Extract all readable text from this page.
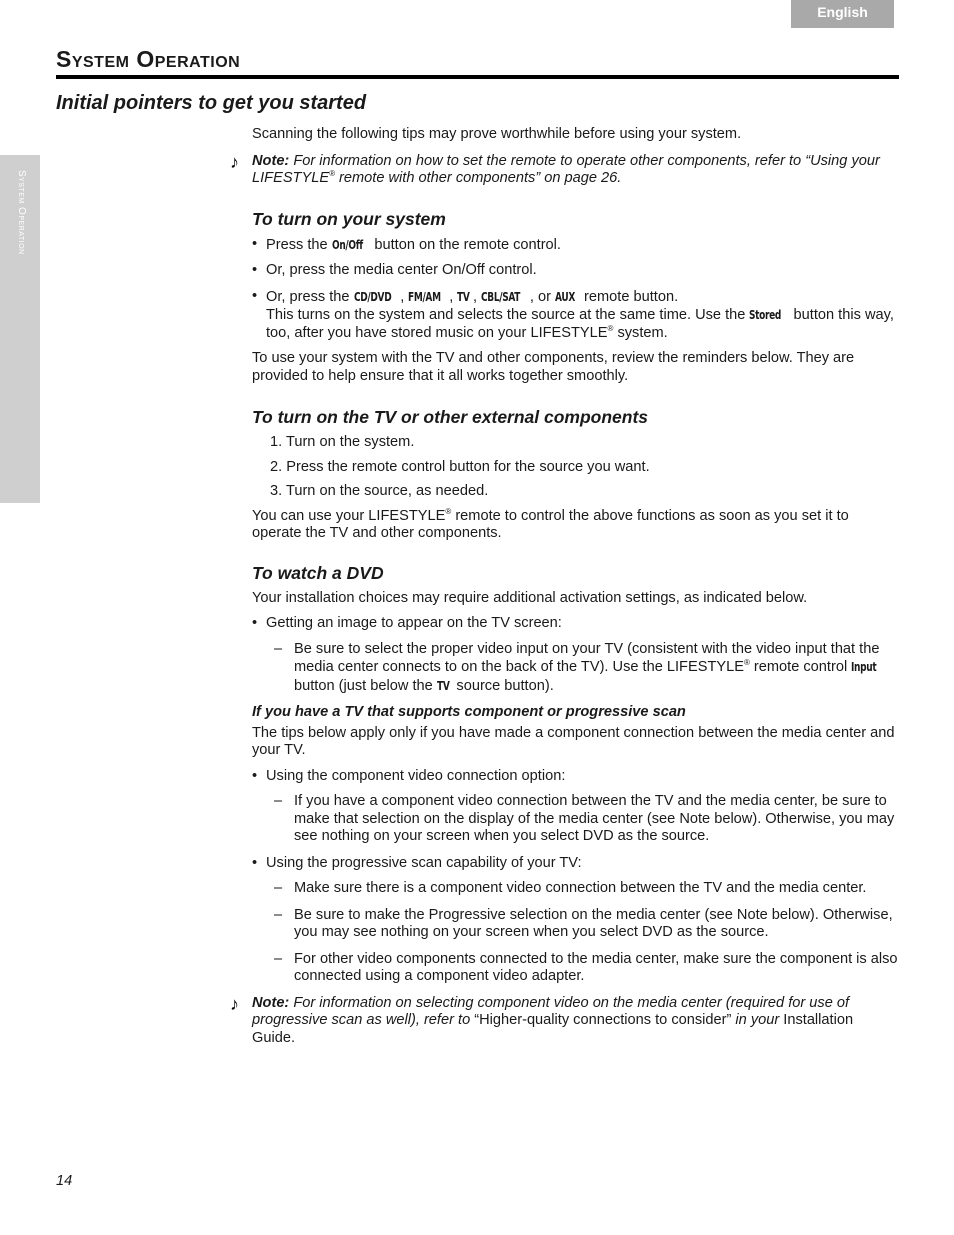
English
System Operation
System Operation
Initial pointers to get you started

Scanning the following tips may prove worthwhile before using your system.

♪ Note: For information on how to set the remote to operate other components, refer to “Using your LIFESTYLE® remote with other components” on page 26.
To turn on your system
• Press the On/Off button on the remote control.
• Or, press the media center On/Off control.
• Or, press the CD/DVD , FM/AM , TV , CBL/SAT , or AUX remote button.
This turns on the system and selects the source at the same time. Use the Stored button this way, too, after you have stored music on your LIFESTYLE® system.

To use your system with the TV and other components, review the reminders below. They are provided to help ensure that it all works together smoothly.

To turn on the TV or other external components
1. Turn on the system.
2. Press the remote control button for the source you want.
3. Turn on the source, as needed.

You can use your LIFESTYLE® remote to control the above functions as soon as you set it to operate the TV and other components.

To watch a DVD

Your installation choices may require additional activation settings, as indicated below.

• Getting an image to appear on the TV screen:
– Be sure to select the proper video input on your TV (consistent with the video input that the media center connects to on the back of the TV). Use the LIFESTYLE® remote control Input button (just below the TV source button).
If you have a TV that supports component or progressive scan

The tips below apply only if you have made a component connection between the media center and your TV.

• Using the component video connection option:
– If you have a component video connection between the TV and the media center, be sure to make that selection on the display of the media center (see Note below). Otherwise, you may see nothing on your screen when you select DVD as the source.
• Using the progressive scan capability of your TV:
– Make sure there is a component video connection between the TV and the media center.
– Be sure to make the Progressive selection on the media center (see Note below). Otherwise, you may see nothing on your screen when you select DVD as the source.
– For other video components connected to the media center, make sure the component is also connected using a component video adapter.
♪ Note: For information on selecting component video on the media center (required for use of progressive scan as well), refer to “Higher-quality connections to consider” in your Installation Guide.
14
